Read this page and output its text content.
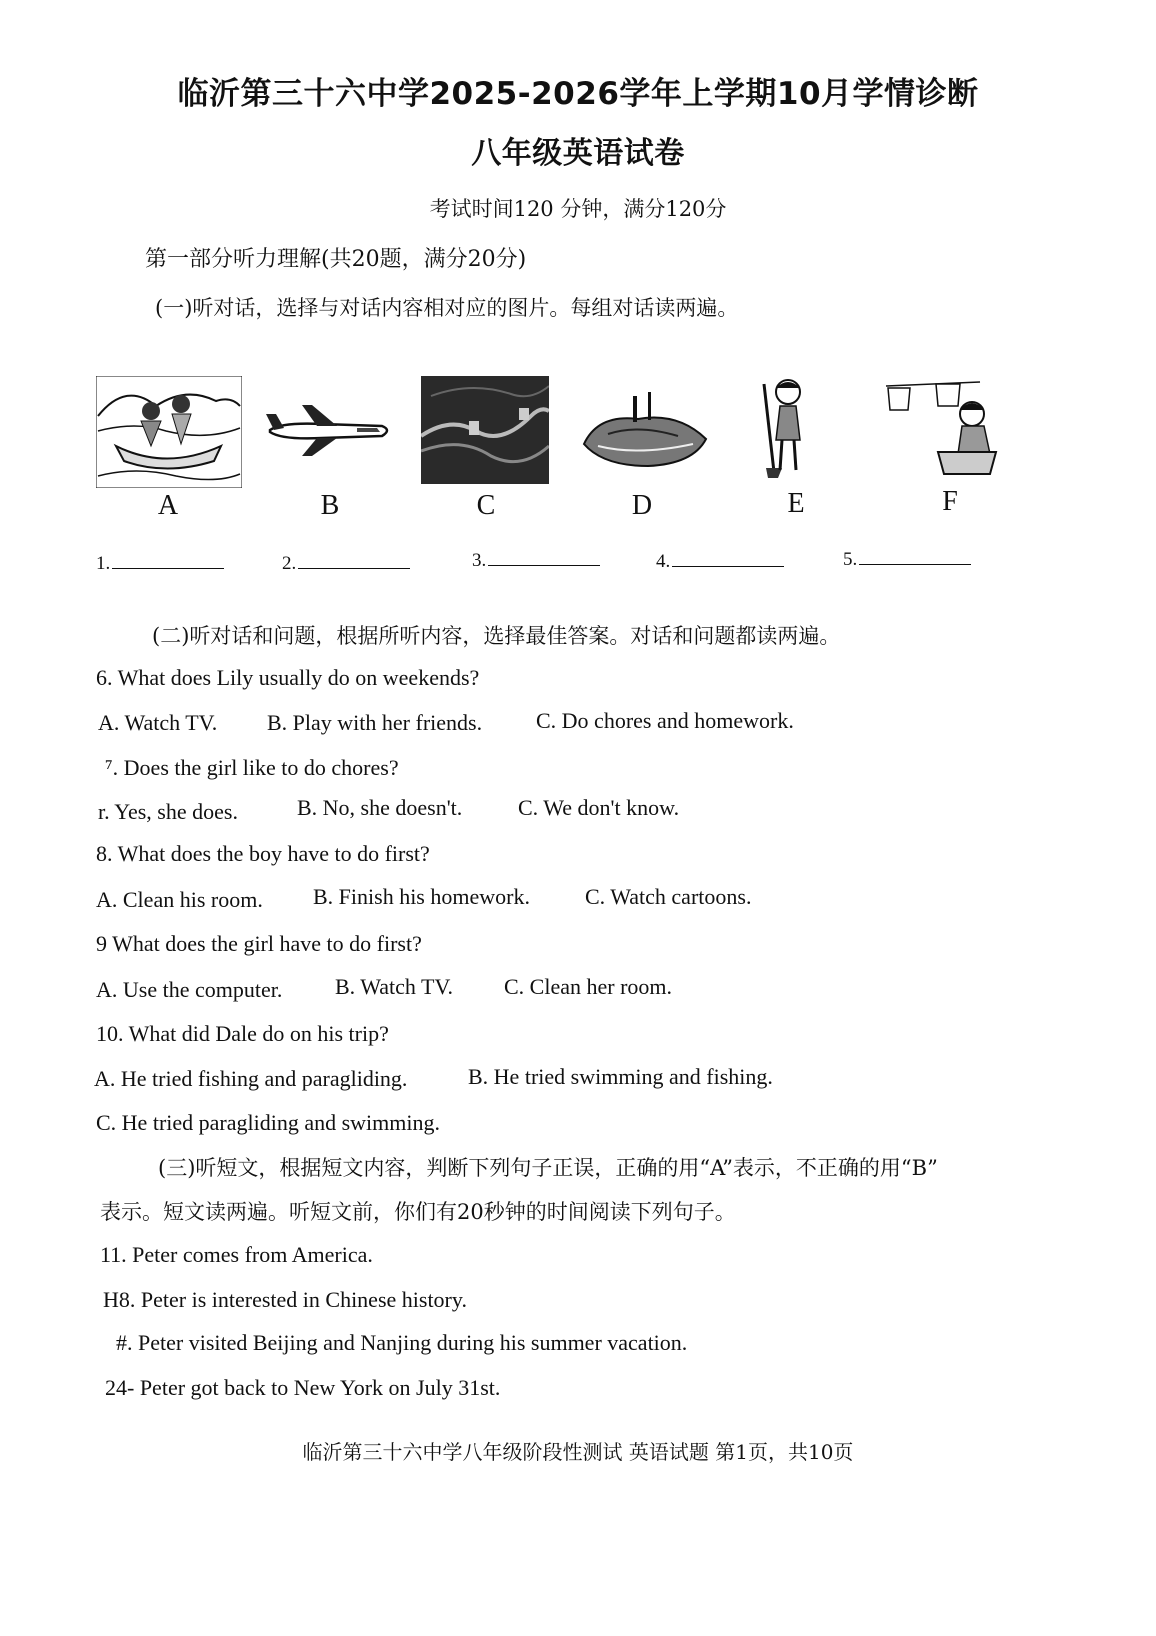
临沂第三十六中学2025-2026学年上学期10月学情诊断
八年级英语试卷
考试时间120 分钟，满分120分
第一部分听力理解(共20题，满分20分)
(一)听对话，选择与对话内容相对应的图片。每组对话读两遍。
A	B	C	D	E	F
1.	2.	3.	4.	5.
(二)听对话和问题，根据所听内容，选择最佳答案。对话和问题都读两遍。
6. What does Lily usually do on weekends?
A. Watch TV. B. Play with her friends. C. Do chores and homework.
⁷. Does the girl like to do chores?
r. Yes, she does.	B. No, she doesn't.	C. We don't know.
8. What does the boy have to do first?
A. Clean his room. B. Finish his homework.	C. Watch cartoons.
9 What does the girl have to do first?
A. Use the computer. B. Watch TV. C. Clean her room.
10. What did Dale do on his trip?
A. He tried fishing and paragliding.	B. He tried swimming and fishing.
C. He tried paragliding and swimming.
(三)听短文，根据短文内容，判断下列句子正误，正确的用“A”表示，不正确的用“B”
表示。短文读两遍。听短文前，你们有20秒钟的时间阅读下列句子。
11. Peter comes from America.
H8. Peter is interested in Chinese history.
#. Peter visited Beijing and Nanjing during his summer vacation.
24- Peter got back to New York on July 31st.
临沂第三十六中学八年级阶段性测试 英语试题 第1页，共10页
